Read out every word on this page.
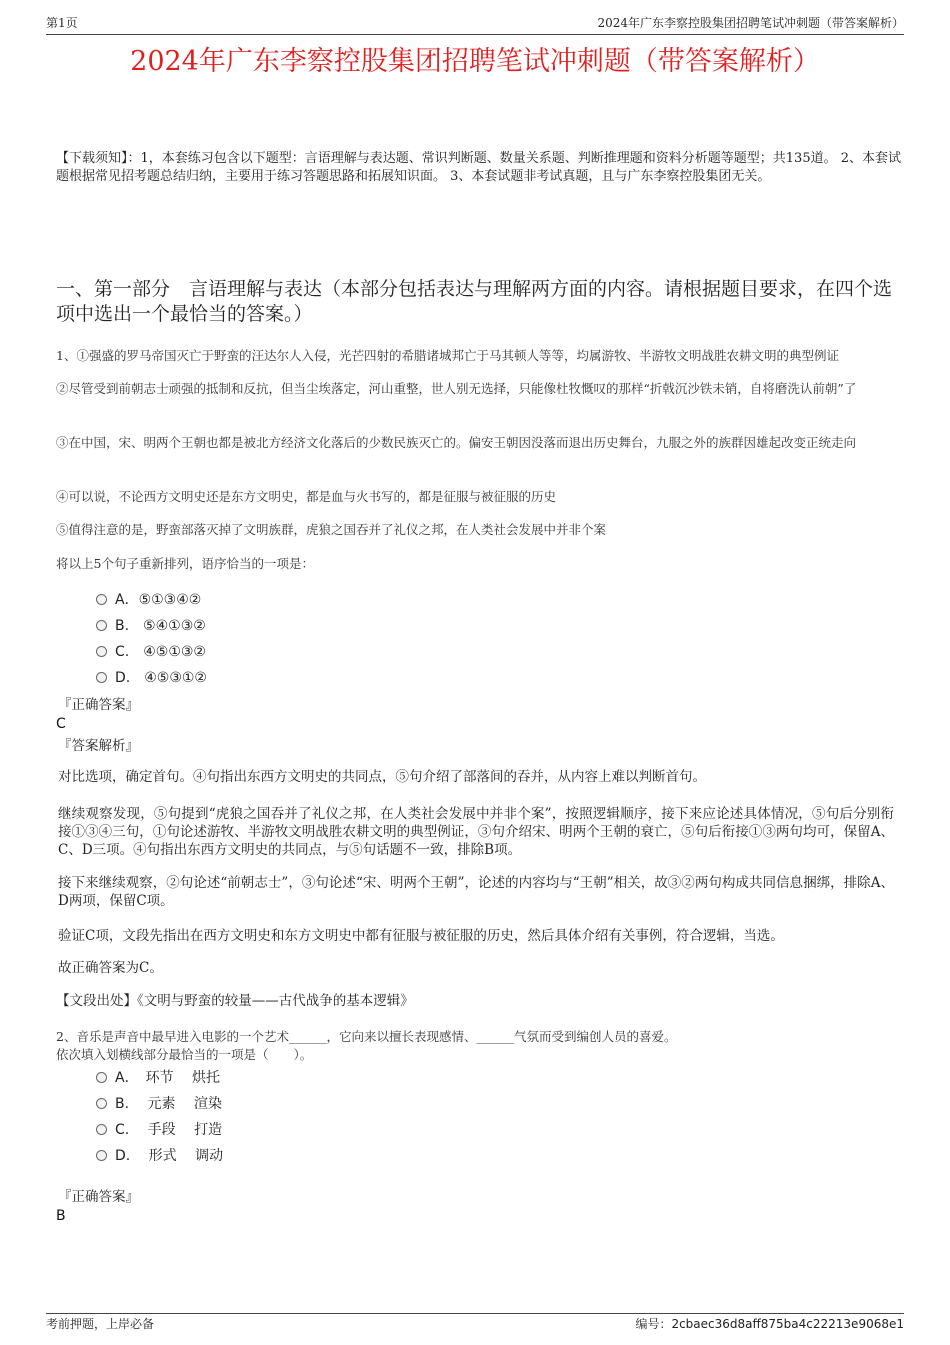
第1页	2024年广东李察控股集团招聘笔试冲刺题（带答案解析）
2024年广东李察控股集团招聘笔试冲刺题（带答案解析）
【下载须知】：1，本套练习包含以下题型：言语理解与表达题、常识判断题、数量关系题、判断推理题和资料分析题等题型；共135道。 2、本套试题根据常见招考题总结归纳，主要用于练习答题思路和拓展知识面。 3、本套试题非考试真题，且与广东李察控股集团无关。
一、第一部分　言语理解与表达（本部分包括表达与理解两方面的内容。请根据题目要求，在四个选项中选出一个最恰当的答案。）
1、①强盛的罗马帝国灭亡于野蛮的汪达尔人入侵，光芒四射的希腊诸城邦亡于马其顿人等等，均属游牧、半游牧文明战胜农耕文明的典型例证
②尽管受到前朝志士顽强的抵制和反抗，但当尘埃落定，河山重整，世人别无选择，只能像杜牧慨叹的那样“折戟沉沙铁未销，自将磨洗认前朝”了
③在中国，宋、明两个王朝也都是被北方经济文化落后的少数民族灭亡的。偏安王朝因没落而退出历史舞台，九服之外的族群因雄起改变正统走向
④可以说，不论西方文明史还是东方文明史，都是血与火书写的，都是征服与被征服的历史
⑤值得注意的是，野蛮部落灭掉了文明族群，虎狼之国吞并了礼仪之邦，在人类社会发展中并非个案
将以上5个句子重新排列，语序恰当的一项是：
A．⑤①③④②
B.　⑤④①③②
C.　④⑤①③②
D.　④⑤③①②
『正确答案』
C
『答案解析』
对比选项，确定首句。④句指出东西方文明史的共同点，⑤句介绍了部落间的吞并，从内容上难以判断首句。
继续观察发现，⑤句提到“虎狼之国吞并了礼仪之邦，在人类社会发展中并非个案”，按照逻辑顺序，接下来应论述具体情况，⑤句后分别衔接①③④三句，①句论述游牧、半游牧文明战胜农耕文明的典型例证，③句介绍宋、明两个王朝的衰亡，⑤句后衔接①③两句均可，保留A、C、D三项。④句指出东西方文明史的共同点，与⑤句话题不一致，排除B项。
接下来继续观察，②句论述“前朝志士”，③句论述“宋、明两个王朝”，论述的内容均与“王朝”相关，故③②两句构成共同信息捆绑，排除A、D两项，保留C项。
验证C项，文段先指出在西方文明史和东方文明史中都有征服与被征服的历史，然后具体介绍有关事例，符合逻辑，当选。
故正确答案为C。
【文段出处】《文明与野蛮的较量——古代战争的基本逻辑》
2、音乐是声音中最早进入电影的一个艺术______，它向来以擅长表现感情、______气氛而受到编创人员的喜爱。
依次填入划横线部分最恰当的一项是（　　）。
A．　环节　 烘托
B.　 元素　 渲染
C.　 手段　 打造
D.　 形式　 调动
『正确答案』
B
考前押题，上岸必备	编号：2cbaec36d8aff875ba4c22213e9068e1
